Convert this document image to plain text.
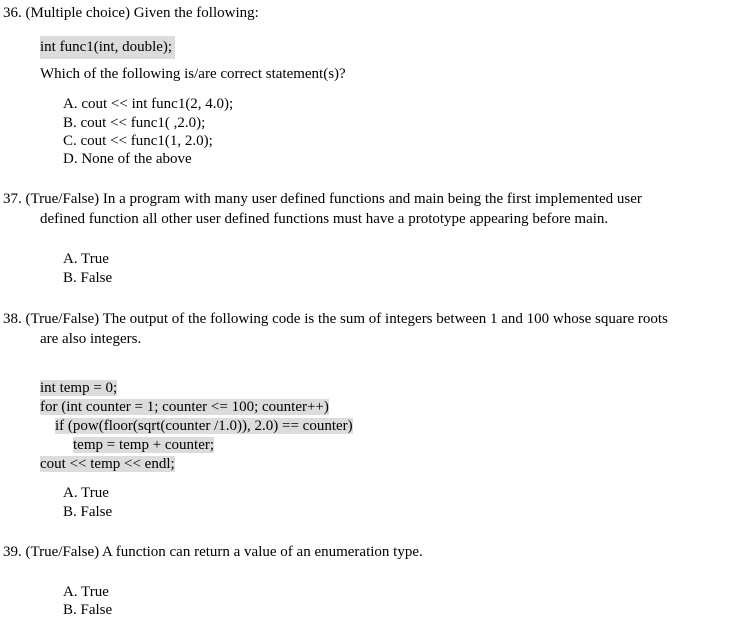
36. (Multiple choice) Given the following:
int func1(int, double);
Which of the following is/are correct statement(s)?
A. cout << int func1(2, 4.0);
B. cout << func1( ,2.0);
C. cout << func1(1, 2.0);
D. None of the above
37. (True/False) In a program with many user defined functions and main being the first implemented user
defined function all other user defined functions must have a prototype appearing before main.
A. True
B. False
38. (True/False) The output of the following code is the sum of integers between 1 and 100 whose square roots
are also integers.
int temp = 0;
for (int counter = 1; counter <= 100; counter++)
if (pow(floor(sqrt(counter /1.0)), 2.0) == counter)
temp = temp + counter;
cout << temp << endl;
A. True
B. False
39. (True/False) A function can return a value of an enumeration type.
A. True
B. False
